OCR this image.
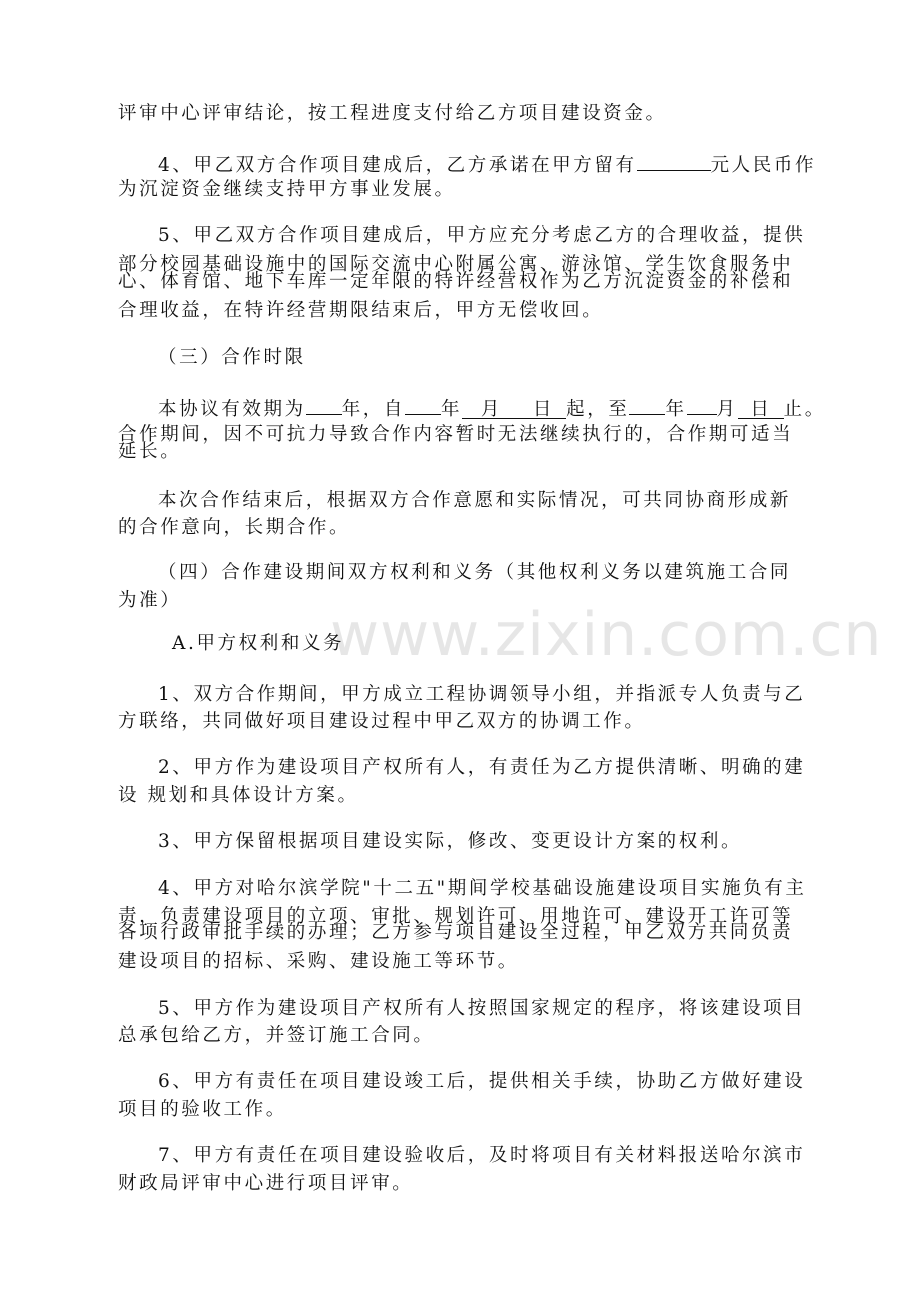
www.zixin.com.cn

评审中心评审结论，按工程进度支付给乙方项目建设资金。

4、甲乙双方合作项目建成后，乙方承诺在甲方留有	元人民币作

为沉淀资金继续支持甲方事业发展。

5、甲乙双方合作项目建成后，甲方应充分考虑乙方的合理收益，提供

部分校园基础设施中的国际交流中心附属公寓、游泳馆、学生饮食服务中

心、体育馆、地下车库一定年限的特许经营权作为乙方沉淀资金的补偿和

合理收益，在特许经营期限结束后，甲方无偿收回。

（三）合作时限

本协议有效期为 年，自 年 月 日 起，至 年 月 日 止。

合作期间，因不可抗力导致合作内容暂时无法继续执行的，合作期可适当

延长。

本次合作结束后，根据双方合作意愿和实际情况，可共同协商形成新

的合作意向，长期合作。

（四）合作建设期间双方权利和义务（其他权利义务以建筑施工合同

为准）

A.甲方权利和义务

1、双方合作期间，甲方成立工程协调领导小组，并指派专人负责与乙

方联络，共同做好项目建设过程中甲乙双方的协调工作。

2、甲方作为建设项目产权所有人，有责任为乙方提供清晰、明确的建

设 规划和具体设计方案。

3、甲方保留根据项目建设实际，修改、变更设计方案的权利。

4、甲方对哈尔滨学院"十二五"期间学校基础设施建设项目实施负有主

责，负责建设项目的立项、审批、规划许可、用地许可、建设开工许可等

各项行政审批手续的办理；乙方参与项目建设全过程，甲乙双方共同负责

建设项目的招标、采购、建设施工等环节。

5、甲方作为建设项目产权所有人按照国家规定的程序，将该建设项目

总承包给乙方，并签订施工合同。

6、甲方有责任在项目建设竣工后，提供相关手续，协助乙方做好建设

项目的验收工作。

7、甲方有责任在项目建设验收后，及时将项目有关材料报送哈尔滨市

财政局评审中心进行项目评审。
